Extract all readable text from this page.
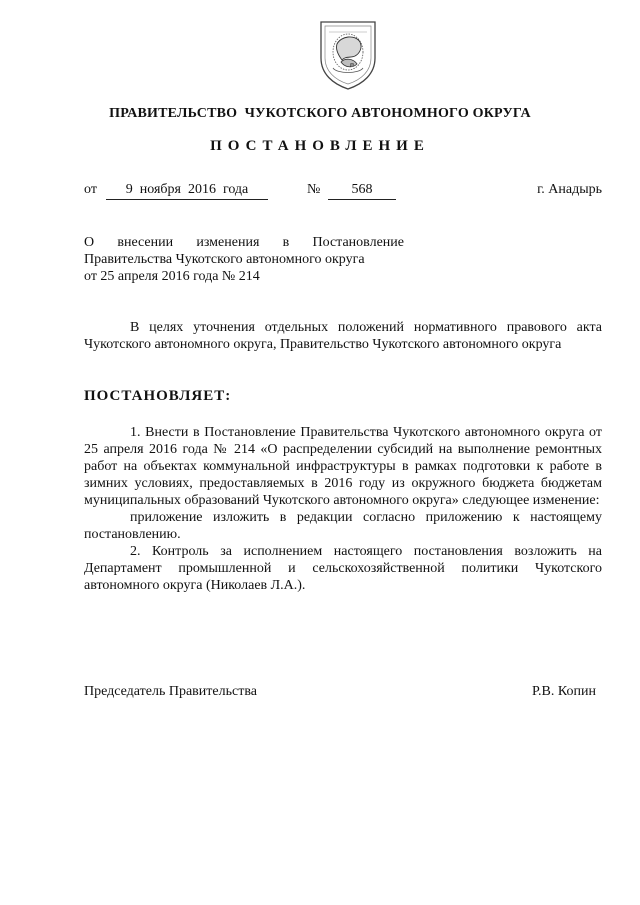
ПРАВИТЕЛЬСТВО  ЧУКОТСКОГО АВТОНОМНОГО ОКРУГА
ПОСТАНОВЛЕНИЕ
от	9  ноября  2016  года	№	568	г. Анадырь
О внесении изменения в Постановление
Правительства Чукотского автономного округа
от 25 апреля 2016 года № 214

В целях уточнения отдельных положений нормативного правового акта Чукотского автономного округа, Правительство Чукотского автономного округа

ПОСТАНОВЛЯЕТ:

1. Внести в Постановление Правительства Чукотского автономного округа от 25 апреля 2016 года № 214 «О распределении субсидий на выполнение ремонтных работ на объектах коммунальной инфраструктуры в рамках подготовки к работе в зимних условиях, предоставляемых в 2016 году из окружного бюджета бюджетам муниципальных образований Чукотского автономного округа» следующее изменение:

приложение изложить в редакции согласно приложению к настоящему постановлению.

2. Контроль за исполнением настоящего постановления возложить на Департамент промышленной и сельскохозяйственной политики Чукотского автономного округа (Николаев Л.А.).

Председатель Правительства	Р.В. Копин
